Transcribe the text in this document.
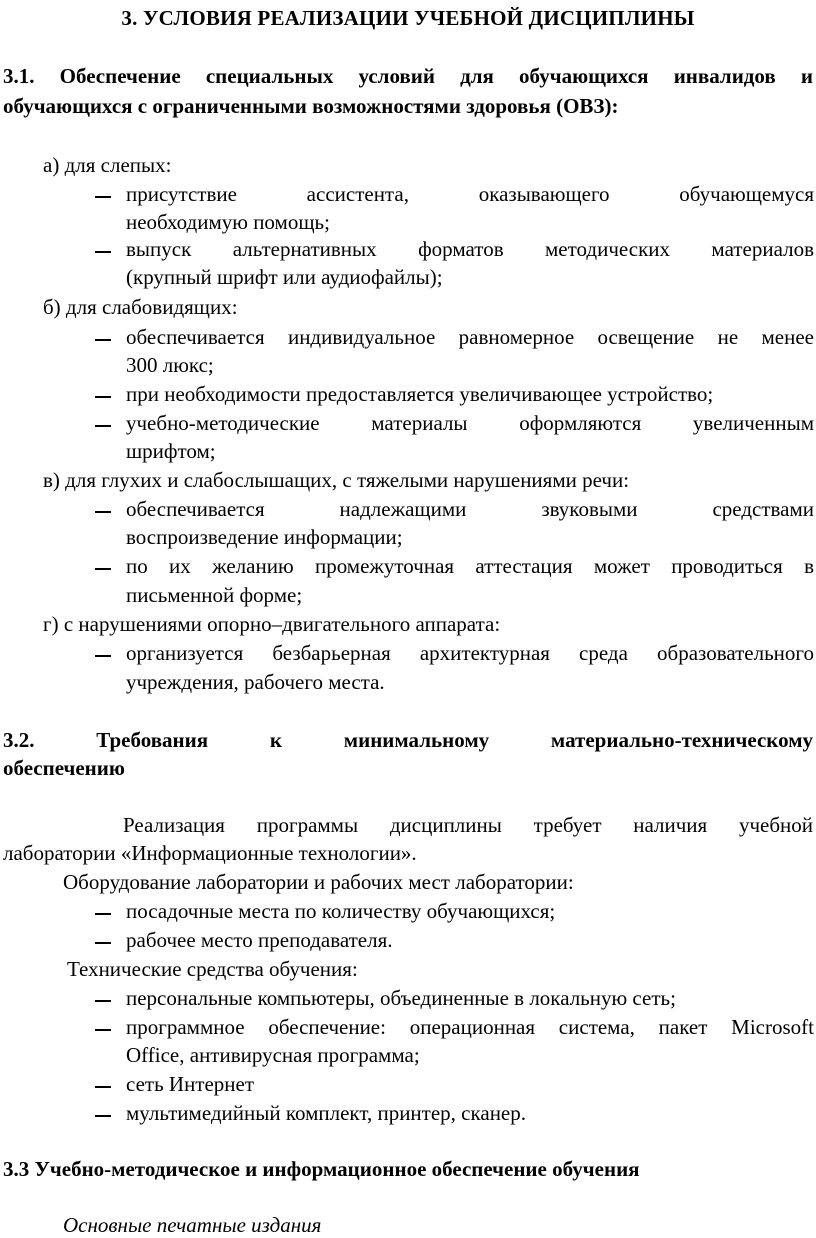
3. УСЛОВИЯ РЕАЛИЗАЦИИ УЧЕБНОЙ ДИСЦИПЛИНЫ
3.1. Обеспечение специальных условий для обучающихся инвалидов и
обучающихся с ограниченными возможностями здоровья (ОВЗ):
а) для слепых:
присутствие ассистента, оказывающего обучающемуся
необходимую помощь;
выпуск альтернативных форматов методических материалов
(крупный шрифт или аудиофайлы);
б) для слабовидящих:
обеспечивается индивидуальное равномерное освещение не менее
300 люкс;
при необходимости предоставляется увеличивающее устройство;
учебно-методические материалы оформляются увеличенным
шрифтом;
в) для глухих и слабослышащих, с тяжелыми нарушениями речи:
обеспечивается надлежащими звуковыми средствами
воспроизведение информации;
по их желанию промежуточная аттестация может проводиться в
письменной форме;
г) с нарушениями опорно–двигательного аппарата:
организуется безбарьерная архитектурная среда образовательного
учреждения, рабочего места.
3.2. Требования к минимальному материально-техническому
обеспечению
Реализация программы дисциплины требует наличия учебной
лаборатории «Информационные технологии».
Оборудование лаборатории и рабочих мест лаборатории:
посадочные места по количеству обучающихся;
рабочее место преподавателя.
Технические средства обучения:
персональные компьютеры, объединенные в локальную сеть;
программное обеспечение: операционная система, пакет Microsoft
Office, антивирусная программа;
сеть Интернет
мультимедийный комплект, принтер, сканер.
3.3 Учебно-методическое и информационное обеспечение обучения
Основные печатные издания
